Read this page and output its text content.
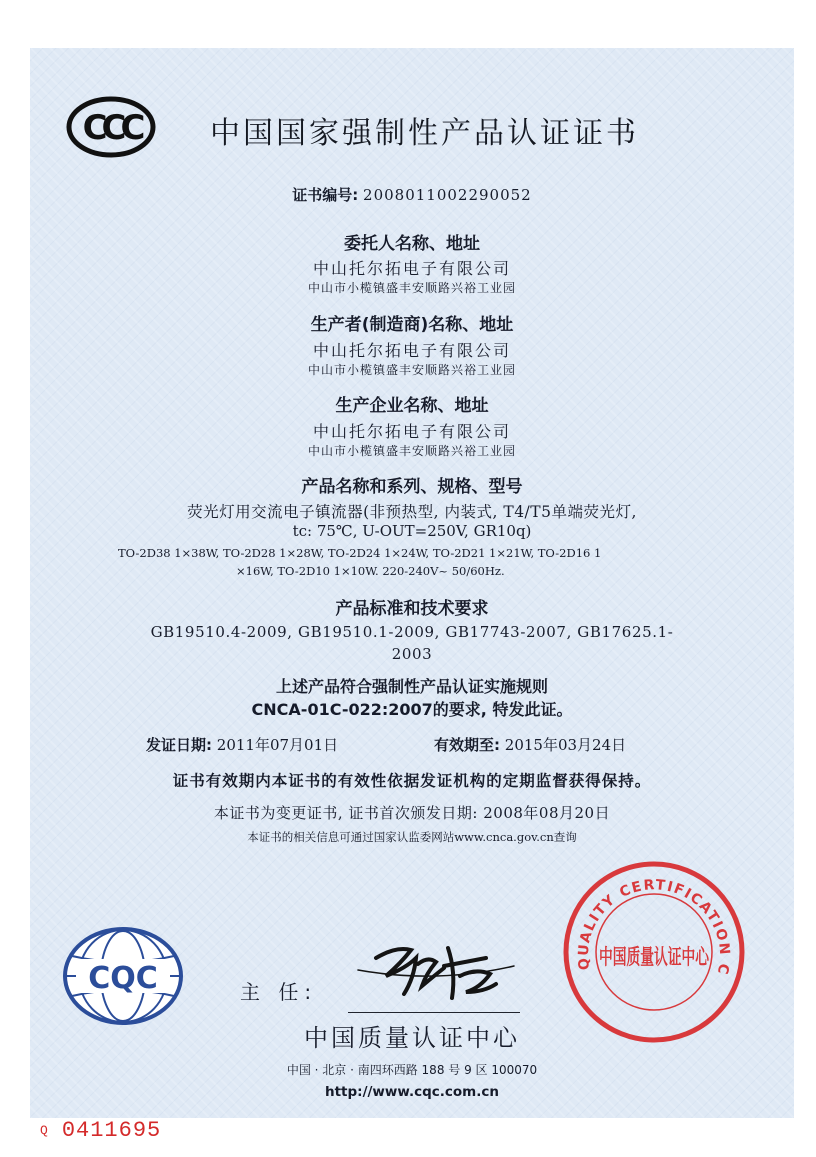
CCC 中国国家强制性产品认证证书
证书编号: 2008011002290052
委托人名称、地址
中山托尔拓电子有限公司
中山市小榄镇盛丰安顺路兴裕工业园
生产者(制造商)名称、地址
中山托尔拓电子有限公司
中山市小榄镇盛丰安顺路兴裕工业园
生产企业名称、地址
中山托尔拓电子有限公司
中山市小榄镇盛丰安顺路兴裕工业园
产品名称和系列、规格、型号
荧光灯用交流电子镇流器(非预热型, 内装式, T4/T5单端荧光灯,
tc: 75℃, U-OUT=250V, GR10q)
TO-2D38 1×38W, TO-2D28 1×28W, TO-2D24 1×24W, TO-2D21 1×21W, TO-2D16 1
×16W, TO-2D10 1×10W. 220-240V~ 50/60Hz.
产品标准和技术要求
GB19510.4-2009, GB19510.1-2009, GB17743-2007, GB17625.1-
2003
上述产品符合强制性产品认证实施规则
CNCA-01C-022:2007的要求, 特发此证。
发证日期: 2011年07月01日	有效期至: 2015年03月24日
证书有效期内本证书的有效性依据发证机构的定期监督获得保持。
本证书为变更证书, 证书首次颁发日期: 2008年08月20日
本证书的相关信息可通过国家认监委网站www.cnca.gov.cn查询
CQC	主 任:
QUALITY CERTIFICATION C
中国质量认证中心
中国质量认证中心
中国 · 北京 · 南四环西路 188 号 9 区 100070
http://www.cqc.com.cn
Q 0411695
